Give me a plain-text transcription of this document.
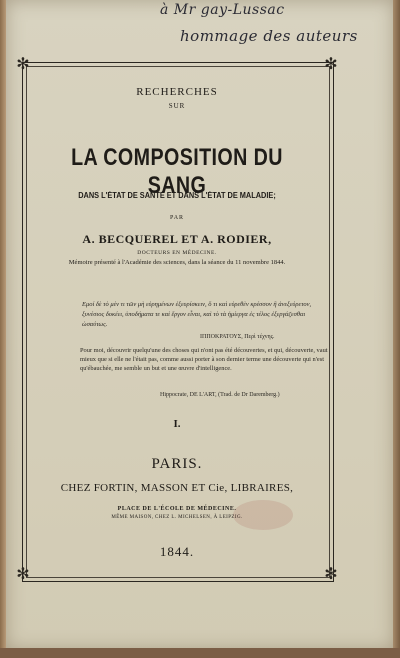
à Mr gay-Lussac
hommage des auteurs
✻	✻
✻	✻
RECHERCHES
SUR
LA COMPOSITION DU SANG
DANS L'ÉTAT DE SANTÉ ET DANS L'ÉTAT DE MALADIE;
PAR
A. BECQUEREL ET A. RODIER,
DOCTEURS EN MÉDECINE.
Mémoire présenté à l'Académie des sciences, dans la séance du 11 novembre 1844.
Εμοί δὲ τὸ μὲν τι τῶν μὴ εὑρημένων ἐξευρίσκειν, ὅ τι καὶ εὑρεθὲν κρέσσον ἢ ἀνεξεύρετον, ξυνέσιος δοκέει, ὑποδήματα τε καὶ ἔργον εἶναι, καὶ τὸ τὰ ἡμίεργα ἐς τέλος ἐξεργάζεσθαι ὡσαύτως.
ΙΠΠΟΚΡΑΤΟΥΣ, Περὶ τέχνης.
Pour moi, découvrir quelqu'une des choses qui n'ont pas été découvertes, et qui, découverte, vaut mieux que si elle ne l'était pas, comme aussi porter à son dernier terme une découverte qui n'est qu'ébauchée, me semble un but et une œuvre d'intelligence.
Hippocrate, DE L'ART, (Trad. de Dr Daremberg.)
I.
PARIS.
CHEZ FORTIN, MASSON ET Cie, LIBRAIRES,
PLACE DE L'ÉCOLE DE MÉDECINE.
MÊME MAISON, CHEZ L. MICHELSEN, À LEIPZIG.
1844.
